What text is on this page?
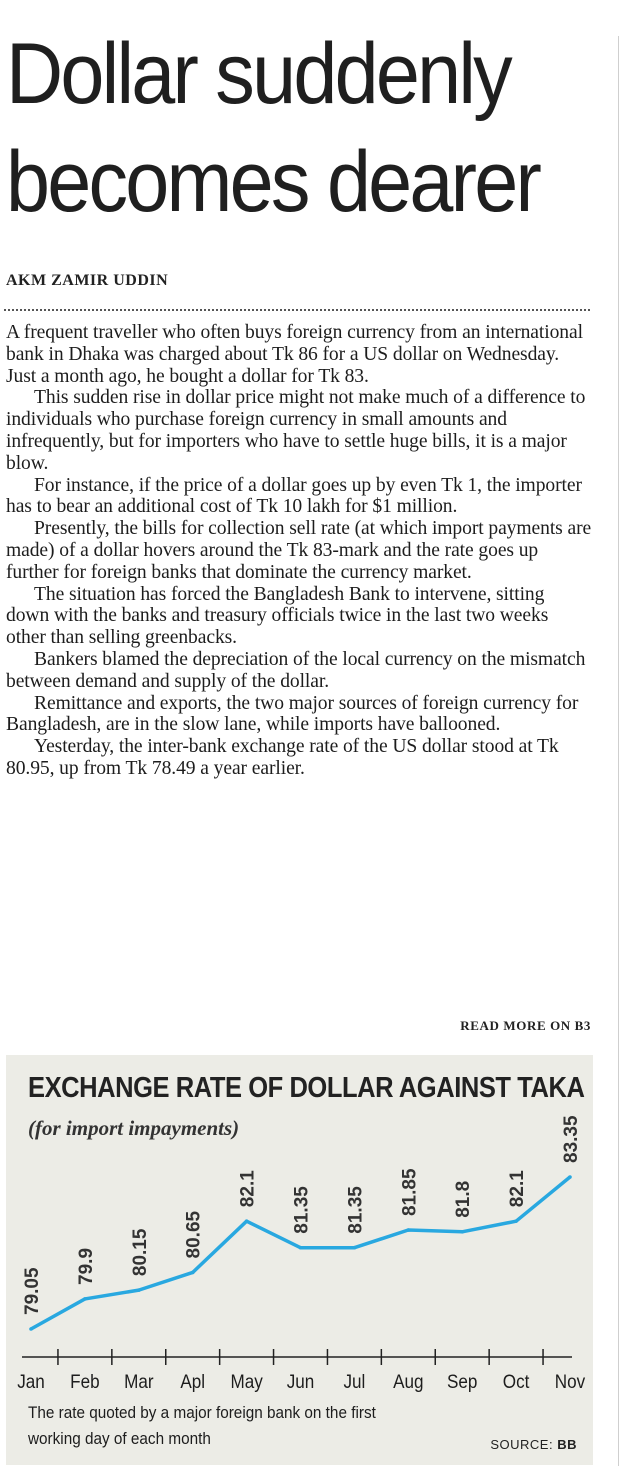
Dollar suddenly
becomes dearer
AKM ZAMIR UDDIN

A frequent traveller who often buys foreign currency from an international bank in Dhaka was charged about Tk 86 for a US dollar on Wednesday. Just a month ago, he bought a dollar for Tk 83.

This sudden rise in dollar price might not make much of a difference to individuals who purchase foreign currency in small amounts and infrequently, but for importers who have to settle huge bills, it is a major blow.

For instance, if the price of a dollar goes up by even Tk 1, the importer has to bear an additional cost of Tk 10 lakh for $1 million.

Presently, the bills for collection sell rate (at which import payments are made) of a dollar hovers around the Tk 83-mark and the rate goes up further for foreign banks that dominate the currency market.

The situation has forced the Bangladesh Bank to intervene, sitting down with the banks and treasury officials twice in the last two weeks other than selling greenbacks.

Bankers blamed the depreciation of the local currency on the mismatch between demand and supply of the dollar.

Remittance and exports, the two major sources of foreign currency for Bangladesh, are in the slow lane, while imports have ballooned.

Yesterday, the inter-bank exchange rate of the US dollar stood at Tk 80.95, up from Tk 78.49 a year earlier.

READ MORE ON B3
EXCHANGE RATE OF DOLLAR AGAINST TAKA
(for import impayments)
79.05
Jan
79.9
Feb
80.15
Mar
80.65
Apl
82.1
May
81.35
Jun
81.35
Jul
81.85
Aug
81.8
Sep
82.1
Oct
83.35
Nov
The rate quoted by a major foreign bank on the first working day of each month	SOURCE: BB
